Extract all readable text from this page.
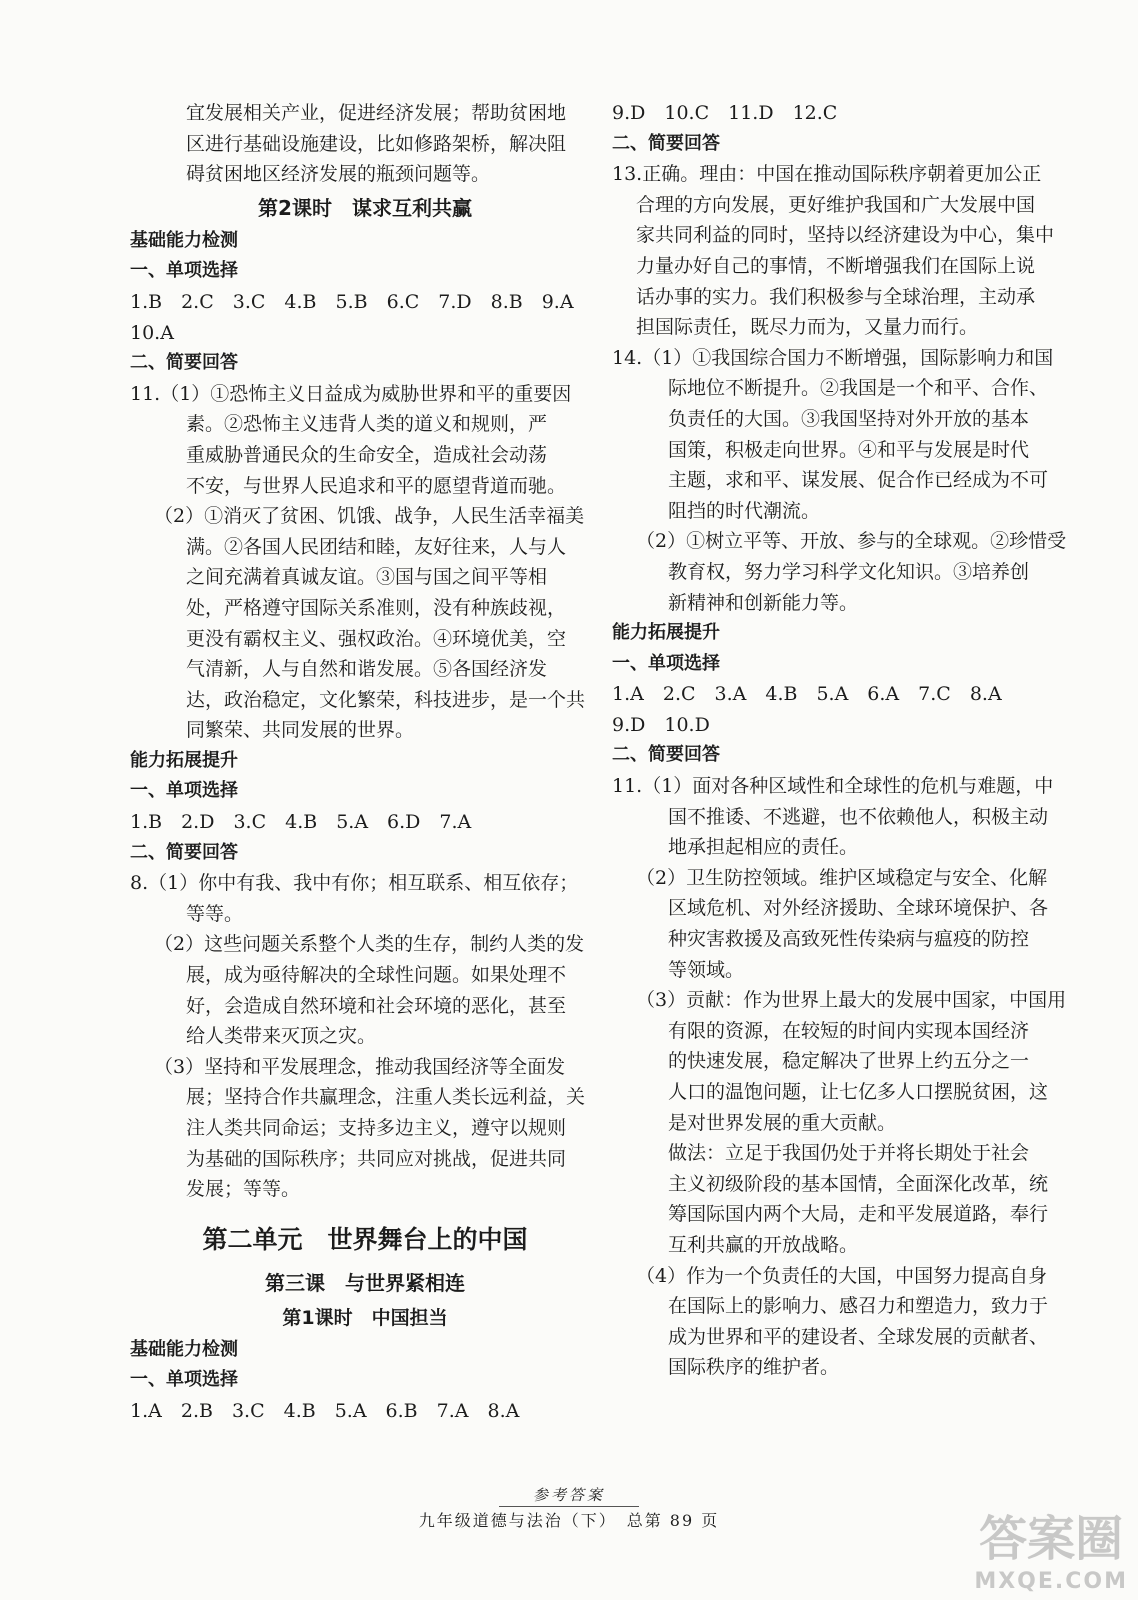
宜发展相关产业，促进经济发展；帮助贫困地
区进行基础设施建设，比如修路架桥，解决阻
碍贫困地区经济发展的瓶颈问题等。
第2课时　谋求互利共赢
基础能力检测
一、单项选择
1.B　2.C　3.C　4.B　5.B　6.C　7.D　8.B　9.A
10.A
二、简要回答
11.（1）①恐怖主义日益成为威胁世界和平的重要因
素。②恐怖主义违背人类的道义和规则，严
重威胁普通民众的生命安全，造成社会动荡
不安，与世界人民追求和平的愿望背道而驰。
（2）①消灭了贫困、饥饿、战争，人民生活幸福美
满。②各国人民团结和睦，友好往来，人与人
之间充满着真诚友谊。③国与国之间平等相
处，严格遵守国际关系准则，没有种族歧视，
更没有霸权主义、强权政治。④环境优美，空
气清新，人与自然和谐发展。⑤各国经济发
达，政治稳定，文化繁荣，科技进步，是一个共
同繁荣、共同发展的世界。
能力拓展提升
一、单项选择
1.B　2.D　3.C　4.B　5.A　6.D　7.A
二、简要回答
8.（1）你中有我、我中有你；相互联系、相互依存；
等等。
（2）这些问题关系整个人类的生存，制约人类的发
展，成为亟待解决的全球性问题。如果处理不
好，会造成自然环境和社会环境的恶化，甚至
给人类带来灭顶之灾。
（3）坚持和平发展理念，推动我国经济等全面发
展；坚持合作共赢理念，注重人类长远利益，关
注人类共同命运；支持多边主义，遵守以规则
为基础的国际秩序；共同应对挑战，促进共同
发展；等等。
第二单元　世界舞台上的中国
第三课　与世界紧相连
第1课时　中国担当
基础能力检测
一、单项选择
1.A　2.B　3.C　4.B　5.A　6.B　7.A　8.A
9.D　10.C　11.D　12.C
二、简要回答
13.正确。理由：中国在推动国际秩序朝着更加公正
合理的方向发展，更好维护我国和广大发展中国
家共同利益的同时，坚持以经济建设为中心，集中
力量办好自己的事情，不断增强我们在国际上说
话办事的实力。我们积极参与全球治理，主动承
担国际责任，既尽力而为，又量力而行。
14.（1）①我国综合国力不断增强，国际影响力和国
际地位不断提升。②我国是一个和平、合作、
负责任的大国。③我国坚持对外开放的基本
国策，积极走向世界。④和平与发展是时代
主题，求和平、谋发展、促合作已经成为不可
阻挡的时代潮流。
（2）①树立平等、开放、参与的全球观。②珍惜受
教育权，努力学习科学文化知识。③培养创
新精神和创新能力等。
能力拓展提升
一、单项选择
1.A　2.C　3.A　4.B　5.A　6.A　7.C　8.A
9.D　10.D
二、简要回答
11.（1）面对各种区域性和全球性的危机与难题，中
国不推诿、不逃避，也不依赖他人，积极主动
地承担起相应的责任。
（2）卫生防控领域。维护区域稳定与安全、化解
区域危机、对外经济援助、全球环境保护、各
种灾害救援及高致死性传染病与瘟疫的防控
等领域。
（3）贡献：作为世界上最大的发展中国家，中国用
有限的资源，在较短的时间内实现本国经济
的快速发展，稳定解决了世界上约五分之一
人口的温饱问题，让七亿多人口摆脱贫困，这
是对世界发展的重大贡献。
做法：立足于我国仍处于并将长期处于社会
主义初级阶段的基本国情，全面深化改革，统
筹国际国内两个大局，走和平发展道路，奉行
互利共赢的开放战略。
（4）作为一个负责任的大国，中国努力提高自身
在国际上的影响力、感召力和塑造力，致力于
成为世界和平的建设者、全球发展的贡献者、
国际秩序的维护者。
参考答案
九年级道德与法治（下）　总第 89 页	答案圈
MXQE.COM
